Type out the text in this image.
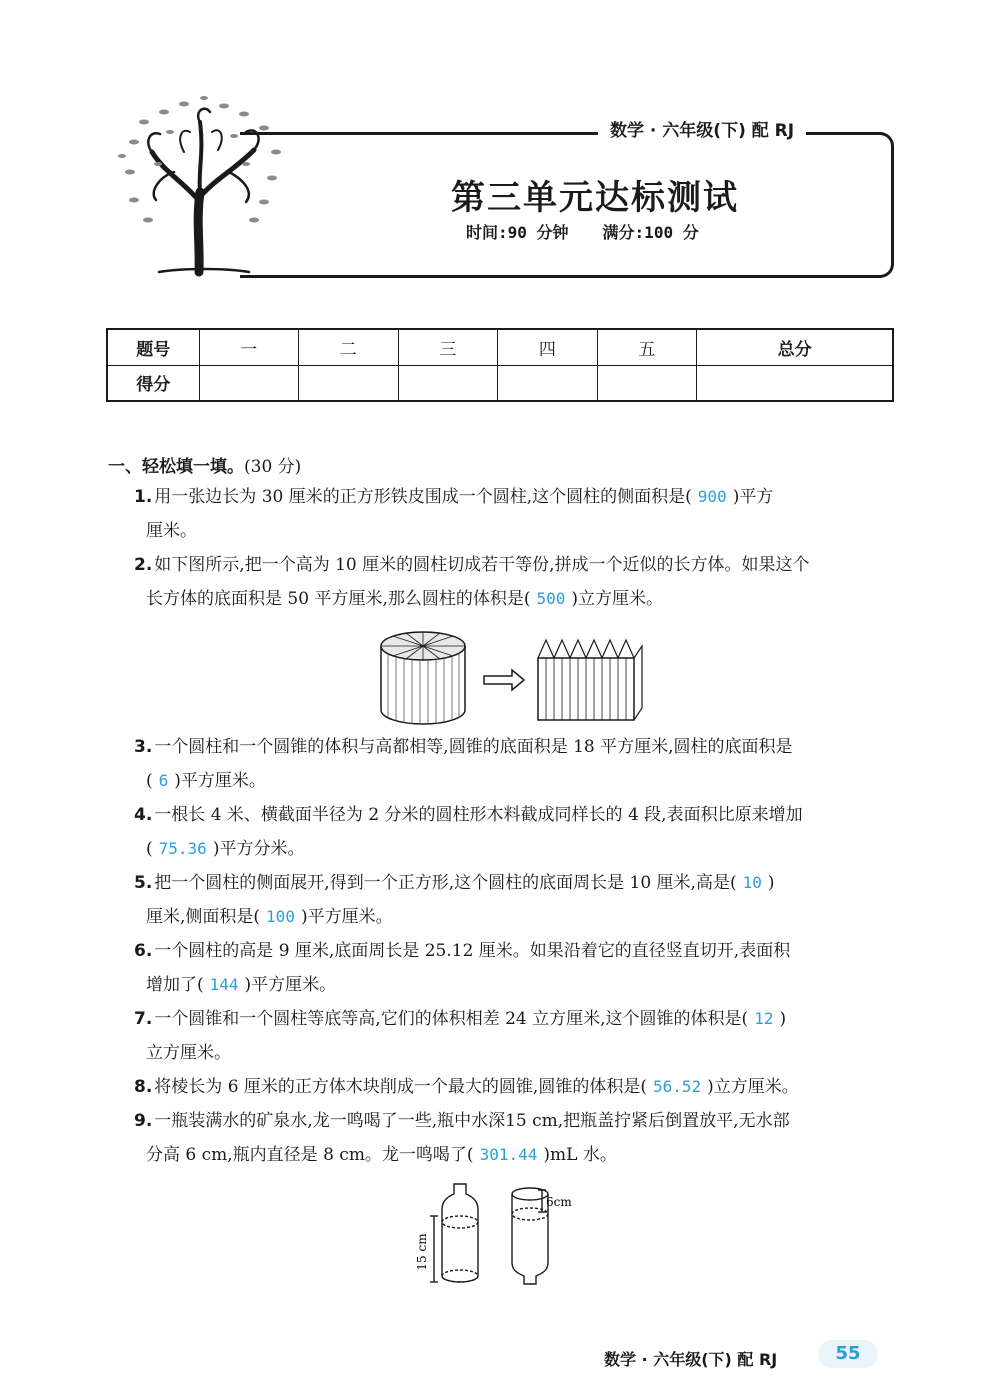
数学 · 六年级(下) 配 RJ
第三单元达标测试
时间:90 分钟 满分:100 分
题号	一	二	三	四	五	总分
得分						
一、轻松填一填。(30 分)
1. 用一张边长为 30 厘米的正方形铁皮围成一个圆柱,这个圆柱的侧面积是( 900 )平方
厘米。
2. 如下图所示,把一个高为 10 厘米的圆柱切成若干等份,拼成一个近似的长方体。如果这个
长方体的底面积是 50 平方厘米,那么圆柱的体积是( 500 )立方厘米。
3. 一个圆柱和一个圆锥的体积与高都相等,圆锥的底面积是 18 平方厘米,圆柱的底面积是
( 6 )平方厘米。
4. 一根长 4 米、横截面半径为 2 分米的圆柱形木料截成同样长的 4 段,表面积比原来增加
( 75.36 )平方分米。
5. 把一个圆柱的侧面展开,得到一个正方形,这个圆柱的底面周长是 10 厘米,高是( 10 )
厘米,侧面积是( 100 )平方厘米。
6. 一个圆柱的高是 9 厘米,底面周长是 25.12 厘米。如果沿着它的直径竖直切开,表面积
增加了( 144 )平方厘米。
7. 一个圆锥和一个圆柱等底等高,它们的体积相差 24 立方厘米,这个圆锥的体积是( 12 )
立方厘米。
8. 将棱长为 6 厘米的正方体木块削成一个最大的圆锥,圆锥的体积是( 56.52 )立方厘米。
9. 一瓶装满水的矿泉水,龙一鸣喝了一些,瓶中水深15 cm,把瓶盖拧紧后倒置放平,无水部
分高 6 cm,瓶内直径是 8 cm。龙一鸣喝了( 301.44 )mL 水。
15 cm
6cm
数学 · 六年级(下) 配 RJ	55
